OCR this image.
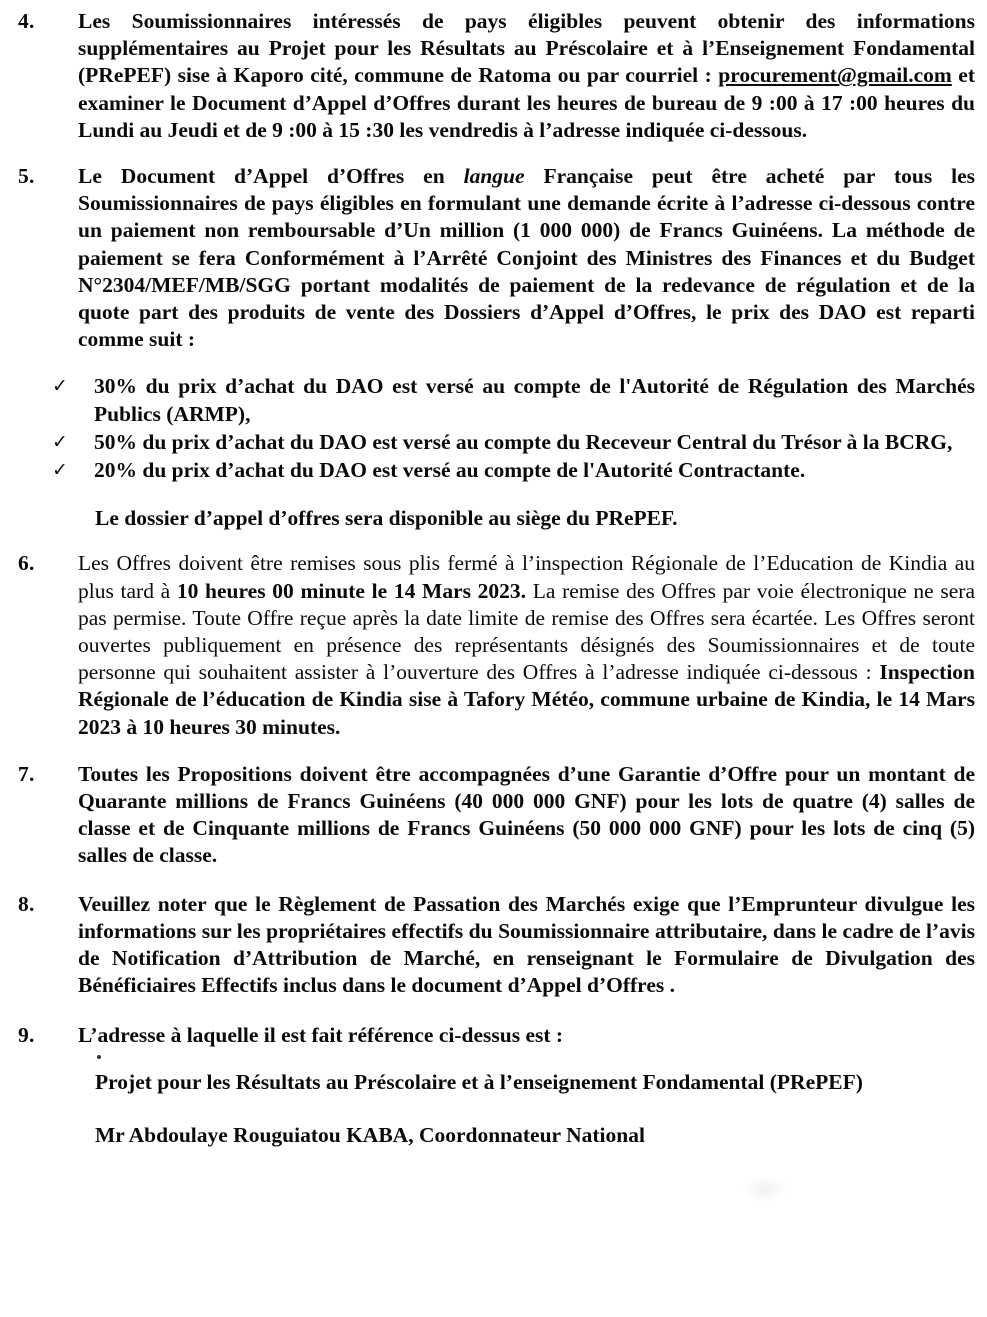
4.	Les Soumissionnaires intéressés de pays éligibles peuvent obtenir des informations supplémentaires au Projet pour les Résultats au Préscolaire et à l’Enseignement Fondamental (PRePEF) sise à Kaporo cité, commune de Ratoma ou par courriel : procurement@gmail.com et examiner le Document d’Appel d’Offres durant les heures de bureau de 9 :00 à 17 :00 heures du Lundi au Jeudi et de 9 :00 à 15 :30 les vendredis à l’adresse indiquée ci-dessous.
5.	Le Document d’Appel d’Offres en langue Française peut être acheté par tous les Soumissionnaires de pays éligibles en formulant une demande écrite à l’adresse ci-dessous contre un paiement non remboursable d’Un million (1 000 000) de Francs Guinéens. La méthode de paiement se fera Conformément à l’Arrêté Conjoint des Ministres des Finances et du Budget N°2304/MEF/MB/SGG portant modalités de paiement de la redevance de régulation et de la quote part des produits de vente des Dossiers d’Appel d’Offres, le prix des DAO est reparti comme suit :
✓	30% du prix d’achat du DAO est versé au compte de l'Autorité de Régulation des Marchés Publics (ARMP),
✓	50% du prix d’achat du DAO est versé au compte du Receveur Central du Trésor à la BCRG,
✓	20% du prix d’achat du DAO est versé au compte de l'Autorité Contractante.
Le dossier d’appel d’offres sera disponible au siège du PRePEF.
6.	Les Offres doivent être remises sous plis fermé à l’inspection Régionale de l’Education de Kindia au plus tard à 10 heures 00 minute le 14 Mars 2023. La remise des Offres par voie électronique ne sera pas permise. Toute Offre reçue après la date limite de remise des Offres sera écartée. Les Offres seront ouvertes publiquement en présence des représentants désignés des Soumissionnaires et de toute personne qui souhaitent assister à l’ouverture des Offres à l’adresse indiquée ci-dessous : Inspection Régionale de l’éducation de Kindia sise à Tafory Météo, commune urbaine de Kindia, le 14 Mars 2023 à 10 heures 30 minutes.
7.	Toutes les Propositions doivent être accompagnées d’une Garantie d’Offre pour un montant de Quarante millions de Francs Guinéens (40 000 000 GNF) pour les lots de quatre (4) salles de classe et de Cinquante millions de Francs Guinéens (50 000 000 GNF) pour les lots de cinq (5) salles de classe.
8.	Veuillez noter que le Règlement de Passation des Marchés exige que l’Emprunteur divulgue les informations sur les propriétaires effectifs du Soumissionnaire attributaire, dans le cadre de l’avis de Notification d’Attribution de Marché, en renseignant le Formulaire de Divulgation des Bénéficiaires Effectifs inclus dans le document d’Appel d’Offres .
9.	L’adresse à laquelle il est fait référence ci-dessus est :
Projet pour les Résultats au Préscolaire et à l’enseignement Fondamental (PRePEF)
Mr Abdoulaye Rouguiatou KABA, Coordonnateur National
